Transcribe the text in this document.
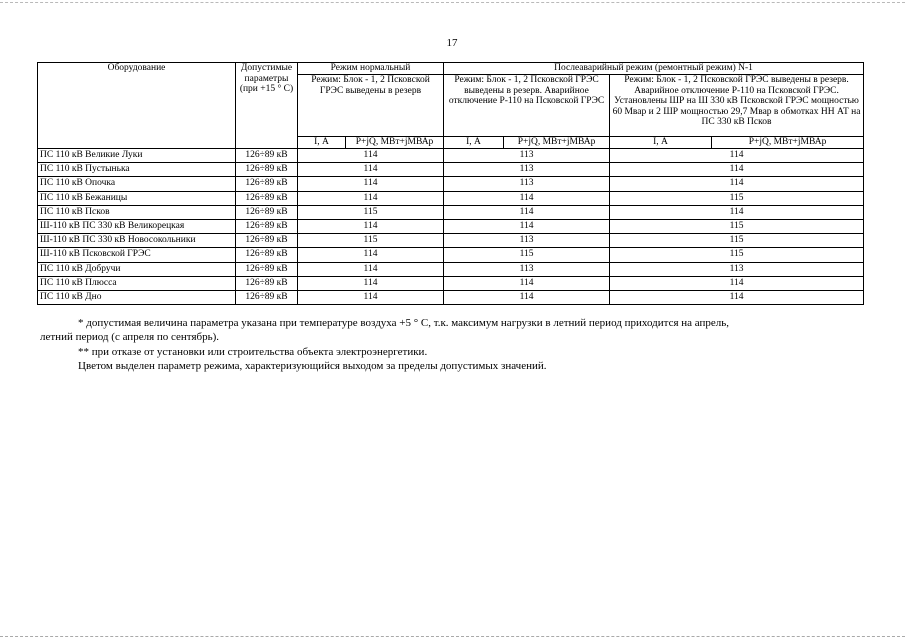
17
Оборудование	Допустимые параметры (при +15 ° С)	Режим нормальный		Послеаварийный режим (ремонтный режим) N-1			
		Режим: Блок - 1, 2 Псковской ГРЭС выведены в резерв		Режим: Блок - 1, 2 Псковской ГРЭС выведены в резерв. Аварийное отключение Р-110 на Псковской ГРЭС		Режим: Блок - 1, 2 Псковской ГРЭС выведены в резерв. Аварийное отключение Р-110 на Псковской ГРЭС. Установлены ШР на Ш 330 кВ Псковской ГРЭС мощностью 60 Мвар и 2 ШР мощностью 29,7 Мвар в обмотках НН АТ на ПС 330 кВ Псков	
		I, А	P+jQ, МВт+jМВАр	I, А	P+jQ, МВт+jМВАр	I, А	P+jQ, МВт+jМВАр
ПС 110 кВ Великие Луки	126÷89 кВ	114		113		114	
ПС 110 кВ Пустынька	126÷89 кВ	114		113		114	
ПС 110 кВ Опочка	126÷89 кВ	114		113		114	
ПС 110 кВ Бежаницы	126÷89 кВ	114		114		115	
ПС 110 кВ Псков	126÷89 кВ	115		114		114	
Ш-110 кВ ПС 330 кВ Великорецкая	126÷89 кВ	114		114		115	
Ш-110 кВ ПС 330 кВ Новосокольники	126÷89 кВ	115		113		115	
Ш-110 кВ Псковской ГРЭС	126÷89 кВ	114		115		115	
ПС 110 кВ Добручи	126÷89 кВ	114		113		113	
ПС 110 кВ Плюсса	126÷89 кВ	114		114		114	
ПС 110 кВ Дно	126÷89 кВ	114		114		114	
* допустимая величина параметра указана при температуре воздуха +5 ° С, т.к. максимум нагрузки в летний период приходится на апрель,
летний период (с апреля по сентябрь).
** при отказе от установки или строительства объекта электроэнергетики.
Цветом выделен параметр режима, характеризующийся выходом за пределы допустимых значений.
